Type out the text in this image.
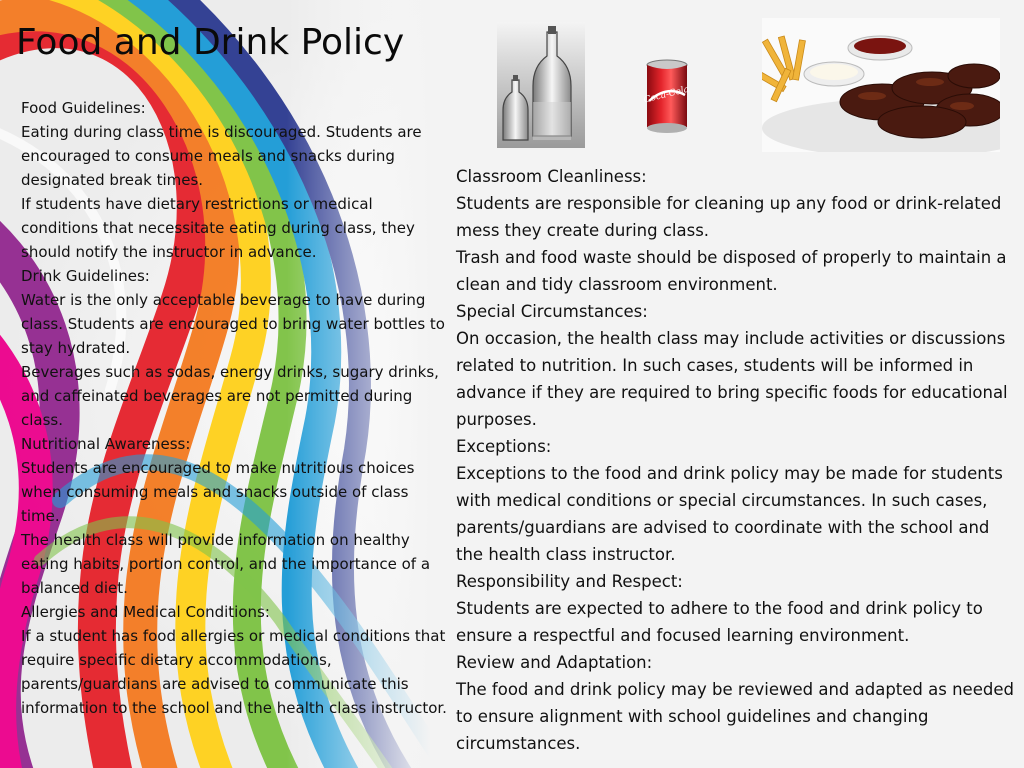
Food and Drink Policy
Coca-Cola

Food Guidelines:

Eating during class time is discouraged. Students are encouraged to consume meals and snacks during designated break times.

If students have dietary restrictions or medical conditions that necessitate eating during class, they should notify the instructor in advance.

Drink Guidelines:

Water is the only acceptable beverage to have during class. Students are encouraged to bring water bottles to stay hydrated.

Beverages such as sodas, energy drinks, sugary drinks, and caffeinated beverages are not permitted during class.

Nutritional Awareness:

Students are encouraged to make nutritious choices when consuming meals and snacks outside of class time.

The health class will provide information on healthy eating habits, portion control, and the importance of a balanced diet.

Allergies and Medical Conditions:

If a student has food allergies or medical conditions that require specific dietary accommodations, parents/guardians are advised to communicate this information to the school and the health class instructor.

Classroom Cleanliness:

Students are responsible for cleaning up any food or drink-related mess they create during class.

Trash and food waste should be disposed of properly to maintain a clean and tidy classroom environment.

Special Circumstances:

On occasion, the health class may include activities or discussions related to nutrition. In such cases, students will be informed in advance if they are required to bring specific foods for educational purposes.

Exceptions:

Exceptions to the food and drink policy may be made for students with medical conditions or special circumstances. In such cases, parents/guardians are advised to coordinate with the school and the health class instructor.

Responsibility and Respect:

Students are expected to adhere to the food and drink policy to ensure a respectful and focused learning environment.

Review and Adaptation:

The food and drink policy may be reviewed and adapted as needed to ensure alignment with school guidelines and changing circumstances.
